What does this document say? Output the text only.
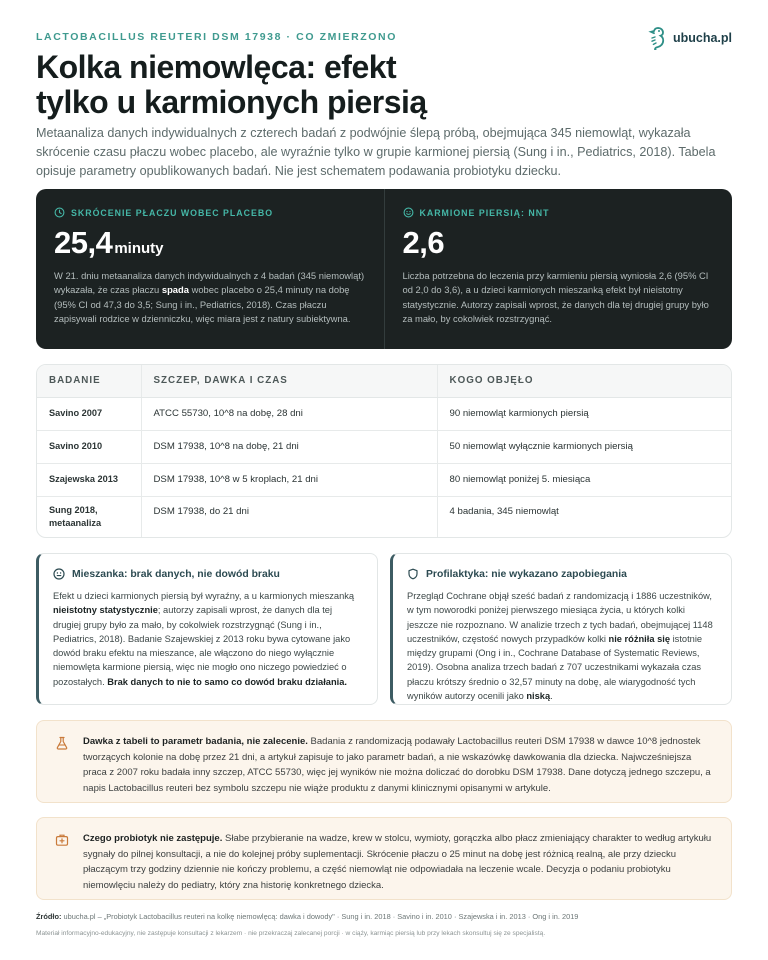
LACTOBACILLUS REUTERI DSM 17938 · CO ZMIERZONO	ubucha.pl
Kolka niemowlęca: efekt
tylko u karmionych piersią

Metaanaliza danych indywidualnych z czterech badań z podwójnie ślepą próbą, obejmująca 345 niemowląt, wykazała skrócenie czasu płaczu wobec placebo, ale wyraźnie tylko w grupie karmionej piersią (Sung i in., Pediatrics, 2018). Tabela opisuje parametry opublikowanych badań. Nie jest schematem podawania probiotyku dziecku.

SKRÓCENIE PŁACZU WOBEC PLACEBO
25,4 minuty

W 21. dniu metaanaliza danych indywidualnych z 4 badań (345 niemowląt) wykazała, że czas płaczu spada wobec placebo o 25,4 minuty na dobę (95% CI od 47,3 do 3,5; Sung i in., Pediatrics, 2018). Czas płaczu zapisywali rodzice w dzienniczku, więc miara jest z natury subiektywna.

KARMIONE PIERSIĄ: NNT
2,6

Liczba potrzebna do leczenia przy karmieniu piersią wyniosła 2,6 (95% CI od 2,0 do 3,6), a u dzieci karmionych mieszanką efekt był nieistotny statystycznie. Autorzy zapisali wprost, że danych dla tej drugiej grupy było za mało, by cokolwiek rozstrzygnąć.

BADANIE	SZCZEP, DAWKA I CZAS	KOGO OBJĘŁO
Savino 2007	ATCC 55730, 10^8 na dobę, 28 dni	90 niemowląt karmionych piersią
Savino 2010	DSM 17938, 10^8 na dobę, 21 dni	50 niemowląt wyłącznie karmionych piersią
Szajewska 2013	DSM 17938, 10^8 w 5 kroplach, 21 dni	80 niemowląt poniżej 5. miesiąca
Sung 2018, metaanaliza	DSM 17938, do 21 dni	4 badania, 345 niemowląt
Mieszanka: brak danych, nie dowód braku

Efekt u dzieci karmionych piersią był wyraźny, a u karmionych mieszanką nieistotny statystycznie; autorzy zapisali wprost, że danych dla tej drugiej grupy było za mało, by cokolwiek rozstrzygnąć (Sung i in., Pediatrics, 2018). Badanie Szajewskiej z 2013 roku bywa cytowane jako dowód braku efektu na mieszance, ale włączono do niego wyłącznie niemowlęta karmione piersią, więc nie mogło ono niczego powiedzieć o pozostałych. Brak danych to nie to samo co dowód braku działania.

Profilaktyka: nie wykazano zapobiegania

Przegląd Cochrane objął sześć badań z randomizacją i 1886 uczestników, w tym noworodki poniżej pierwszego miesiąca życia, u których kolki jeszcze nie rozpoznano. W analizie trzech z tych badań, obejmującej 1148 uczestników, częstość nowych przypadków kolki nie różniła się istotnie między grupami (Ong i in., Cochrane Database of Systematic Reviews, 2019). Osobna analiza trzech badań z 707 uczestnikami wykazała czas płaczu krótszy średnio o 32,57 minuty na dobę, ale wiarygodność tych wyników autorzy ocenili jako niską.

Dawka z tabeli to parametr badania, nie zalecenie. Badania z randomizacją podawały Lactobacillus reuteri DSM 17938 w dawce 10^8 jednostek tworzących kolonie na dobę przez 21 dni, a artykuł zapisuje to jako parametr badań, a nie wskazówkę dawkowania dla dziecka. Najwcześniejsza praca z 2007 roku badała inny szczep, ATCC 55730, więc jej wyników nie można doliczać do dorobku DSM 17938. Dane dotyczą jednego szczepu, a napis Lactobacillus reuteri bez symbolu szczepu nie wiąże produktu z danymi klinicznymi opisanymi w artykule.

Czego probiotyk nie zastępuje. Słabe przybieranie na wadze, krew w stolcu, wymioty, gorączka albo płacz zmieniający charakter to według artykułu sygnały do pilnej konsultacji, a nie do kolejnej próby suplementacji. Skrócenie płaczu o 25 minut na dobę jest różnicą realną, ale przy dziecku płaczącym trzy godziny dziennie nie kończy problemu, a część niemowląt nie odpowiadała na leczenie wcale. Decyzja o podaniu probiotyku niemowlęciu należy do pediatry, który zna historię konkretnego dziecka.

Źródło: ubucha.pl – „Probiotyk Lactobacillus reuteri na kolkę niemowlęcą: dawka i dowody" · Sung i in. 2018 · Savino i in. 2010 · Szajewska i in. 2013 · Ong i in. 2019
Materiał informacyjno-edukacyjny, nie zastępuje konsultacji z lekarzem · nie przekraczaj zalecanej porcji · w ciąży, karmiąc piersią lub przy lekach skonsultuj się ze specjalistą.
